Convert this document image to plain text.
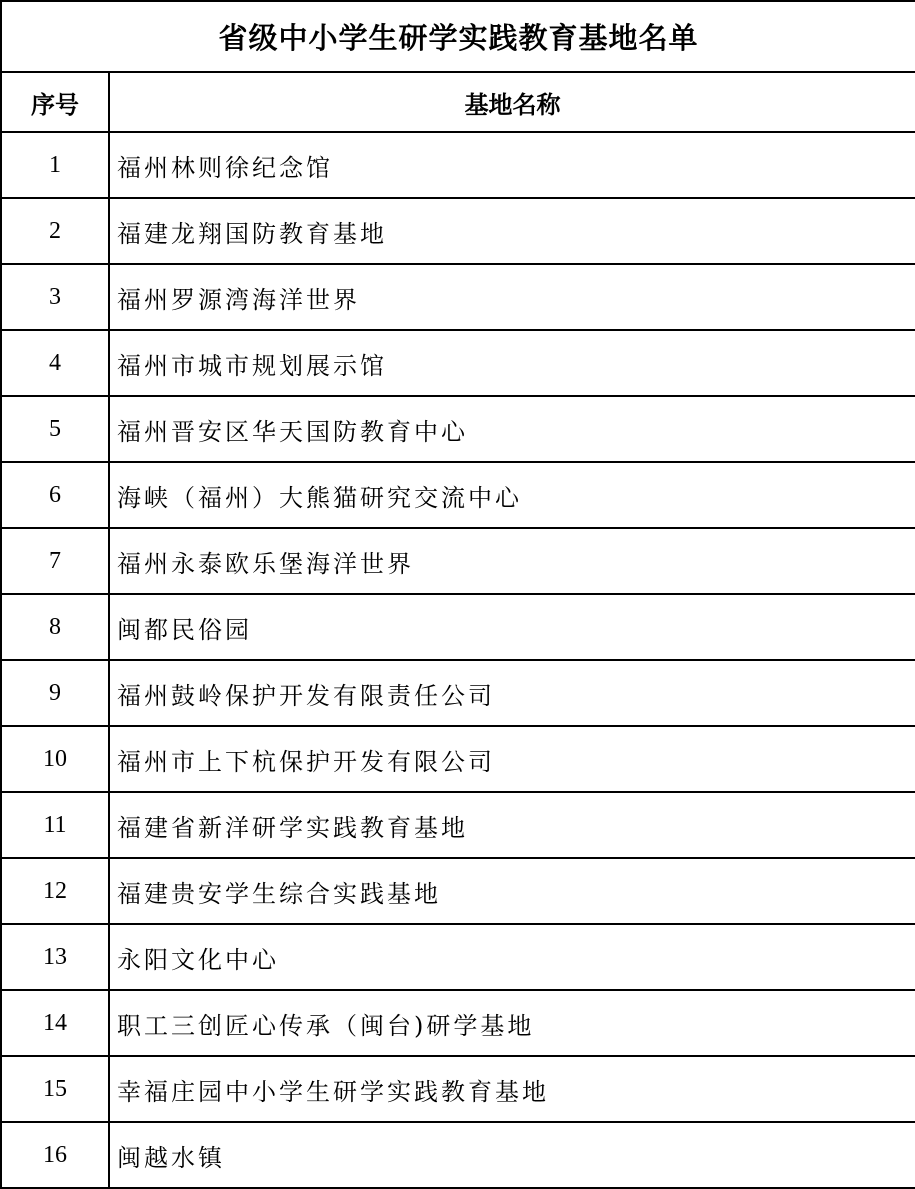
省级中小学生研学实践教育基地名单	
序号	基地名称
1	福州林则徐纪念馆
2	福建龙翔国防教育基地
3	福州罗源湾海洋世界
4	福州市城市规划展示馆
5	福州晋安区华天国防教育中心
6	海峡（福州）大熊猫研究交流中心
7	福州永泰欧乐堡海洋世界
8	闽都民俗园
9	福州鼓岭保护开发有限责任公司
10	福州市上下杭保护开发有限公司
11	福建省新洋研学实践教育基地
12	福建贵安学生综合实践基地
13	永阳文化中心
14	职工三创匠心传承（闽台)研学基地
15	幸福庄园中小学生研学实践教育基地
16	闽越水镇
